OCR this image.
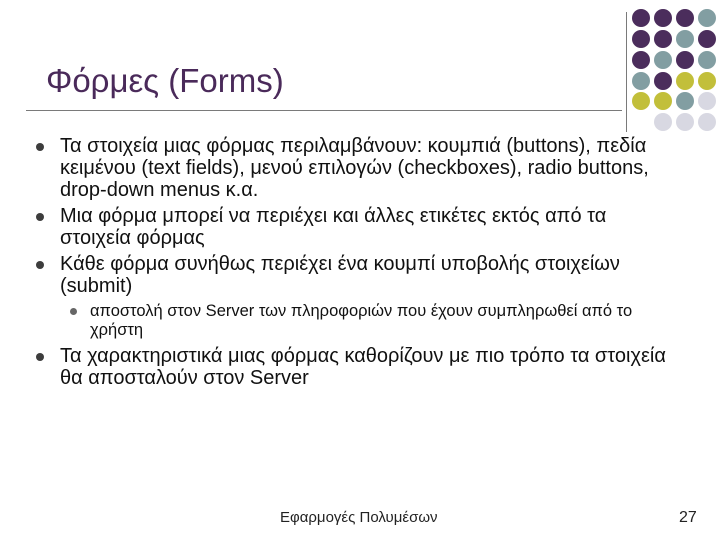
Φόρμες (Forms)
Τα στοιχεία μιας φόρμας περιλαμβάνουν: κουμπιά (buttons), πεδία κειμένου (text fields), μενού επιλογών (checkboxes), radio buttons, drop-down menus κ.α.
Μια φόρμα μπορεί να περιέχει και άλλες ετικέτες εκτός από τα στοιχεία φόρμας
Κάθε φόρμα συνήθως περιέχει ένα κουμπί υποβολής στοιχείων (submit)
αποστολή στον Server των πληροφοριών που έχουν συμπληρωθεί από το χρήστη
Τα χαρακτηριστικά μιας φόρμας καθορίζουν με πιο τρόπο τα στοιχεία θα αποσταλούν στον Server
Εφαρμογές Πολυμέσων	27
